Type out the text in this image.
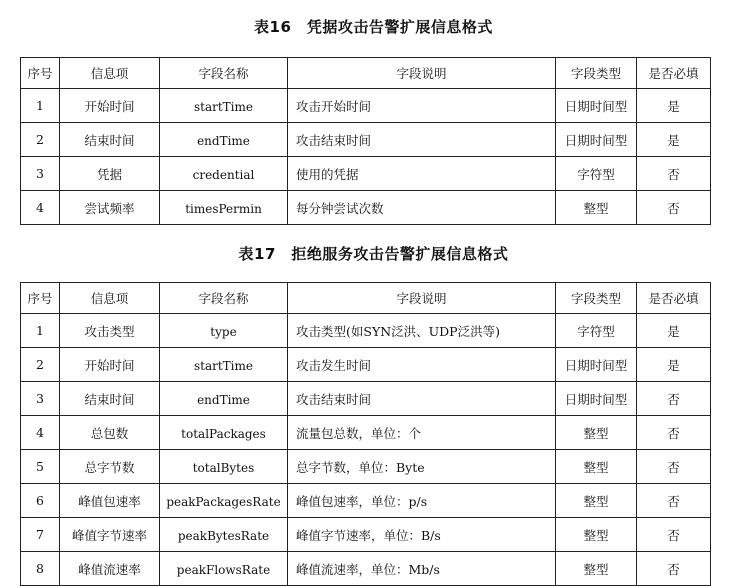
表16　凭据攻击告警扩展信息格式
序号	信息项	字段名称	字段说明	字段类型	是否必填
1	开始时间	startTime	攻击开始时间	日期时间型	是
2	结束时间	endTime	攻击结束时间	日期时间型	是
3	凭据	credential	使用的凭据	字符型	否
4	尝试频率	timesPermin	每分钟尝试次数	整型	否
表17　拒绝服务攻击告警扩展信息格式
序号	信息项	字段名称	字段说明	字段类型	是否必填
1	攻击类型	type	攻击类型(如SYN泛洪、UDP泛洪等)	字符型	是
2	开始时间	startTime	攻击发生时间	日期时间型	是
3	结束时间	endTime	攻击结束时间	日期时间型	否
4	总包数	totalPackages	流量包总数，单位：个	整型	否
5	总字节数	totalBytes	总字节数，单位：Byte	整型	否
6	峰值包速率	peakPackagesRate	峰值包速率，单位：p/s	整型	否
7	峰值字节速率	peakBytesRate	峰值字节速率，单位：B/s	整型	否
8	峰值流速率	peakFlowsRate	峰值流速率，单位：Mb/s	整型	否
